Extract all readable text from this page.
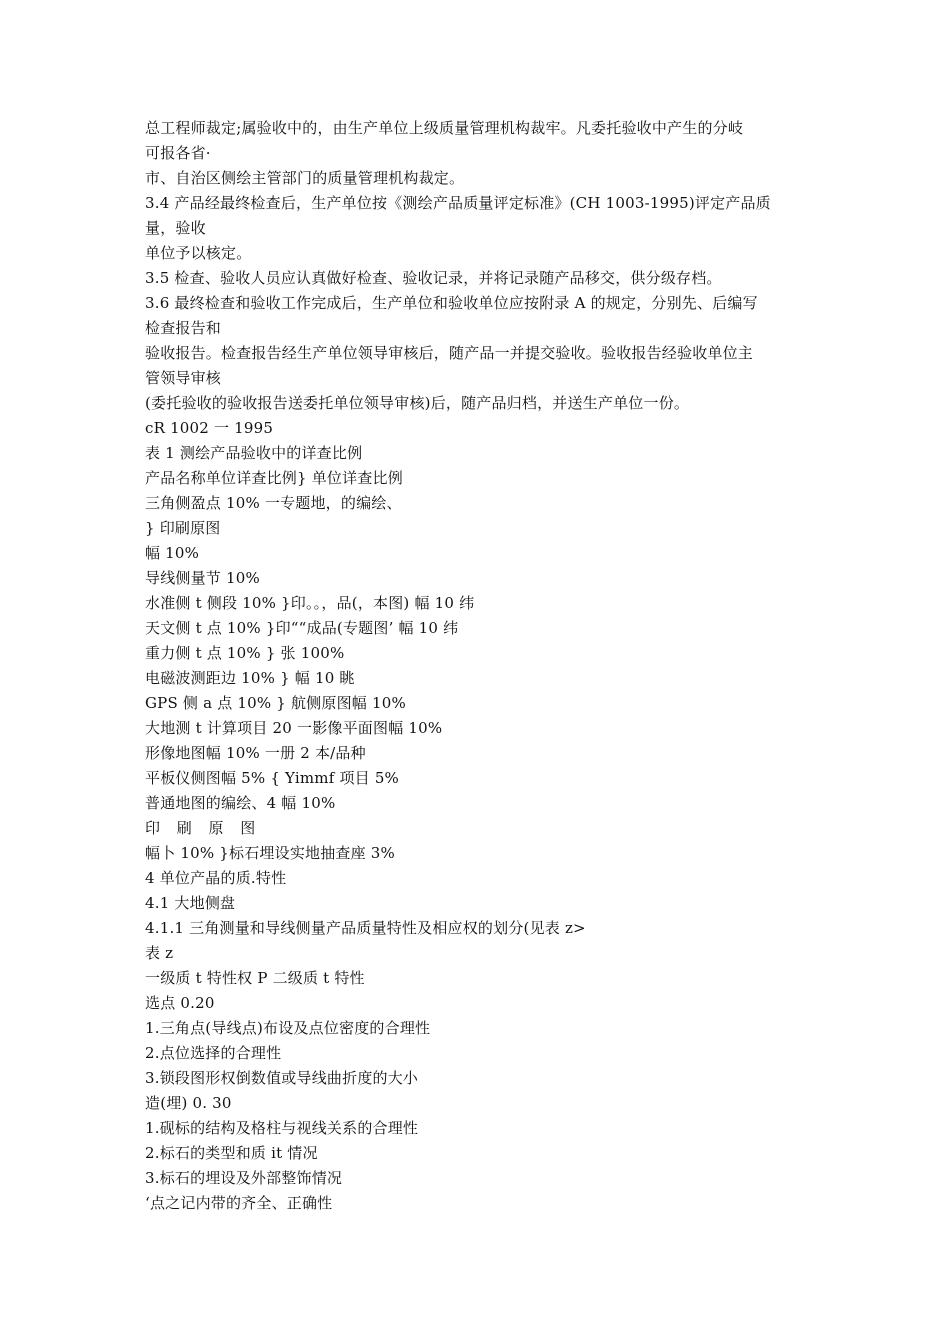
总工程师裁定;属验收中的，由生产单位上级质量管理机构裁牢。凡委托验收中产生的分岐
可报各省·
市、自治区侧绘主管部门的质量管理机构裁定。
3.4 产品经最终检查后，生产单位按《测绘产品质量评定标准》(CH 1003-1995)评定产品质
量，验收
单位予以核定。
3.5 检查、验收人员应认真做好检查、验收记录，并将记录随产品移交，供分级存档。
3.6 最终检查和验收工作完成后，生产单位和验收单位应按附录 A 的规定，分别先、后编写
检查报告和
验收报告。检查报告经生产单位领导审核后，随产品一并提交验收。验收报告经验收单位主
管领导审核
(委托验收的验收报告送委托单位领导审核)后，随产品归档，并送生产单位一份。
cR 1002 一 1995
表 1 测绘产品验收中的详查比例
产品名称单位详查比例} 单位详查比例
三角侧盈点 10% 一专题地，的编绘、
} 印刷原图
幅 10%
导线侧量节 10%
水准侧 t 侧段 10% }印。。，品(，本图) 幅 10 纬
天文侧 t 点 10% }印““成品(专题图’ 幅 10 纬
重力侧 t 点 10% } 张 100%
电磁波测距边 10% } 幅 10 眺
GPS 侧 a 点 10% } 航侧原图幅 10%
大地测 t 计算项目 20 一影像平面图幅 10%
形像地图幅 10% 一册 2 本/品种
平板仪侧图幅 5% { Yimmf 项目 5%
普通地图的编绘、4 幅 10%
印 刷 原 图
幅卜 10% }标石埋设实地抽查座 3%
4 单位产晶的质.特性
4.1 大地侧盘
4.1.1 三角测量和导线侧量产品质量特性及相应权的划分(见表 z>
表 z
一级质 t 特性权 P 二级质 t 特性
选点 0.20
1.三角点(导线点)布设及点位密度的合理性
2.点位选择的合理性
3.锁段图形权倒数值或导线曲折度的大小
造(埋) 0. 30
1.砚标的结构及格柱与视线关系的合理性
2.标石的类型和质 it 情况
3.标石的埋设及外部整饰情况
‘点之记内带的齐全、正确性
